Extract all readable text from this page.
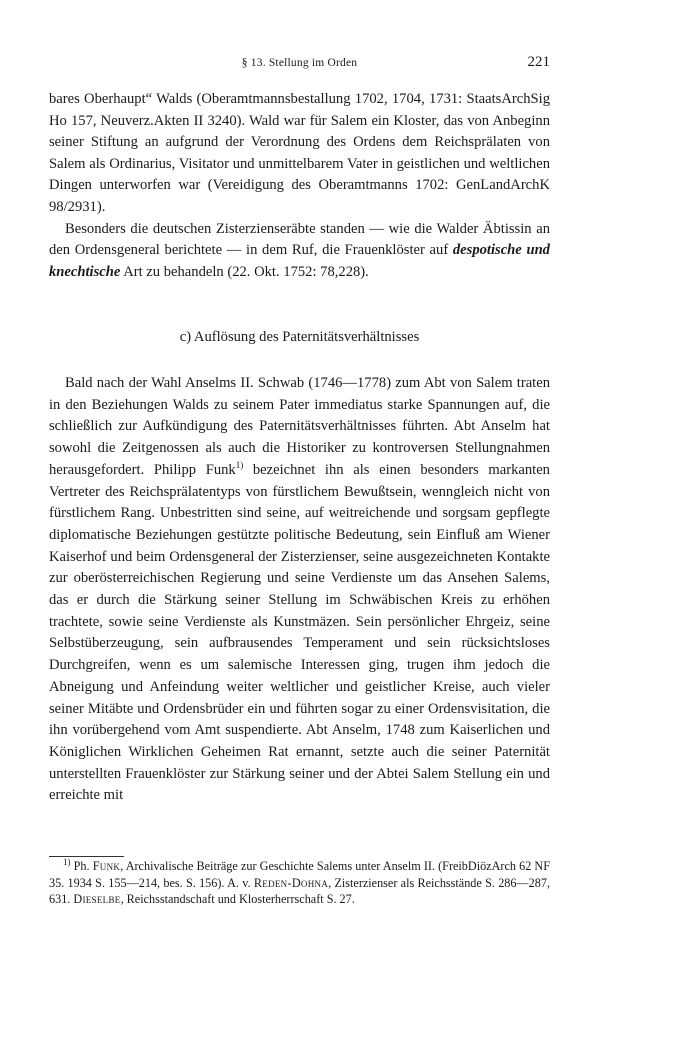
§ 13. Stellung im Orden	221

bares Oberhaupt“ Walds (Oberamtmannsbestallung 1702, 1704, 1731: StaatsArchSig Ho 157, Neuverz.Akten II 3240). Wald war für Salem ein Kloster, das von Anbeginn seiner Stiftung an aufgrund der Verordnung des Ordens dem Reichsprälaten von Salem als Ordinarius, Visitator und unmittelbarem Vater in geistlichen und weltlichen Dingen unterworfen war (Vereidigung des Oberamtmanns 1702: GenLandArchK 98/2931).

Besonders die deutschen Zisterzienseräbte standen — wie die Walder Äbtissin an den Ordensgeneral berichtete — in dem Ruf, die Frauenklöster auf despotische und knechtische Art zu behandeln (22. Okt. 1752: 78,228).

c) Auflösung des Paternitätsverhältnisses

Bald nach der Wahl Anselms II. Schwab (1746—1778) zum Abt von Salem traten in den Beziehungen Walds zu seinem Pater immediatus starke Spannungen auf, die schließlich zur Aufkündigung des Paternitätsverhältnisses führten. Abt Anselm hat sowohl die Zeitgenossen als auch die Historiker zu kontroversen Stellungnahmen herausgefordert. Philipp Funk$^{1)}$ bezeichnet ihn als einen besonders markanten Vertreter des Reichsprälatentyps von fürstlichem Bewußtsein, wenngleich nicht von fürstlichem Rang. Unbestritten sind seine, auf weitreichende und sorgsam gepflegte diplomatische Beziehungen gestützte politische Bedeutung, sein Einfluß am Wiener Kaiserhof und beim Ordensgeneral der Zisterzienser, seine ausgezeichneten Kontakte zur oberösterreichischen Regierung und seine Verdienste um das Ansehen Salems, das er durch die Stärkung seiner Stellung im Schwäbischen Kreis zu erhöhen trachtete, sowie seine Verdienste als Kunstmäzen. Sein persönlicher Ehrgeiz, seine Selbstüberzeugung, sein aufbrausendes Temperament und sein rücksichtsloses Durchgreifen, wenn es um salemische Interessen ging, trugen ihm jedoch die Abneigung und Anfeindung weiter weltlicher und geistlicher Kreise, auch vieler seiner Mitäbte und Ordensbrüder ein und führten sogar zu einer Ordensvisitation, die ihn vorübergehend vom Amt suspendierte. Abt Anselm, 1748 zum Kaiserlichen und Königlichen Wirklichen Geheimen Rat ernannt, setzte auch die seiner Paternität unterstellten Frauenklöster zur Stärkung seiner und der Abtei Salem Stellung ein und erreichte mit

$^{1)}$ Ph. Funk, Archivalische Beiträge zur Geschichte Salems unter Anselm II. (FreibDiözArch 62 NF 35. 1934 S. 155—214, bes. S. 156). A. v. Reden-Dohna, Zisterzienser als Reichsstände S. 286—287, 631. Dieselbe, Reichsstandschaft und Klosterherrschaft S. 27.
